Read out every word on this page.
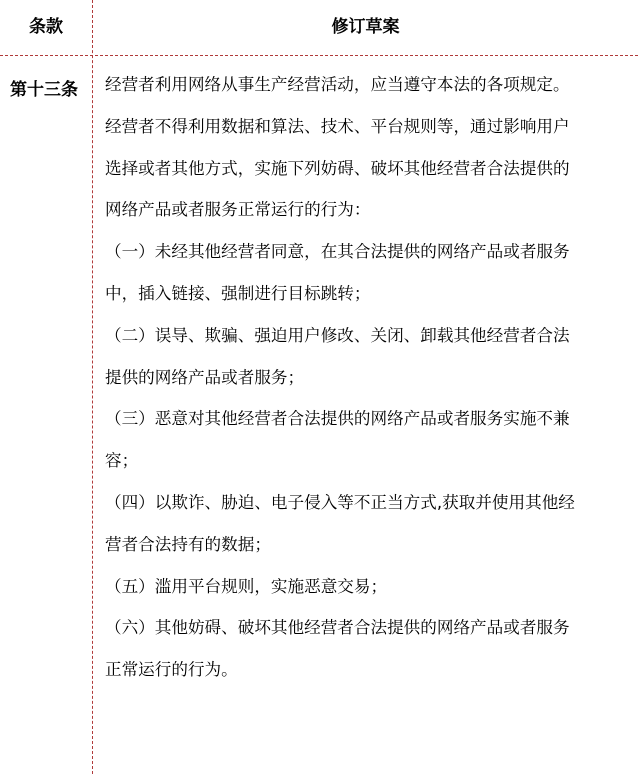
条款	修订草案
第十三条	经营者利用网络从事生产经营活动，应当遵守本法的各项规定。
经营者不得利用数据和算法、技术、平台规则等，通过影响用户
选择或者其他方式，实施下列妨碍、破坏其他经营者合法提供的
网络产品或者服务正常运行的行为：
（一）未经其他经营者同意，在其合法提供的网络产品或者服务
中，插入链接、强制进行目标跳转；
（二）误导、欺骗、强迫用户修改、关闭、卸载其他经营者合法
提供的网络产品或者服务；
（三）恶意对其他经营者合法提供的网络产品或者服务实施不兼
容；
（四）以欺诈、胁迫、电子侵入等不正当方式,获取并使用其他经
营者合法持有的数据；
（五）滥用平台规则，实施恶意交易；
（六）其他妨碍、破坏其他经营者合法提供的网络产品或者服务
正常运行的行为。
